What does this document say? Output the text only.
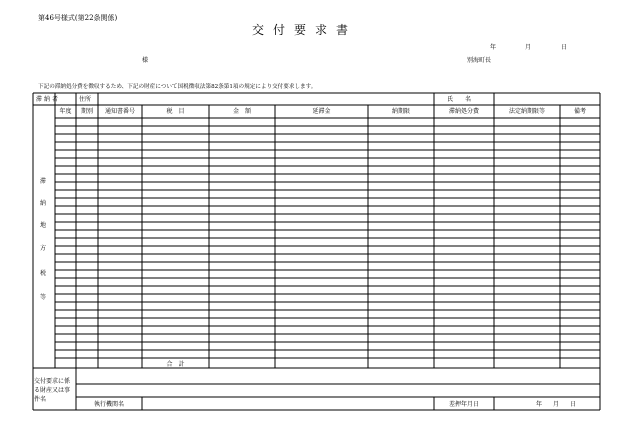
第46号様式(第22条関係)
交付要求書
年	月	日
様	別海町長
下記の滞納処分費を徴収するため、下記の財産について国税徴収法第82条第1項の規定により交付要求します。
滞納者	住所	氏名
年度	期別	通知書番号	税　目	金　額	延滞金	納期限	滞納処分費	法定納期限等	備考
滞
納
地
方
税
等
合　計
交付要求に係
る財産又は事
件名
執行機関名	差押年月日	年 月 日
